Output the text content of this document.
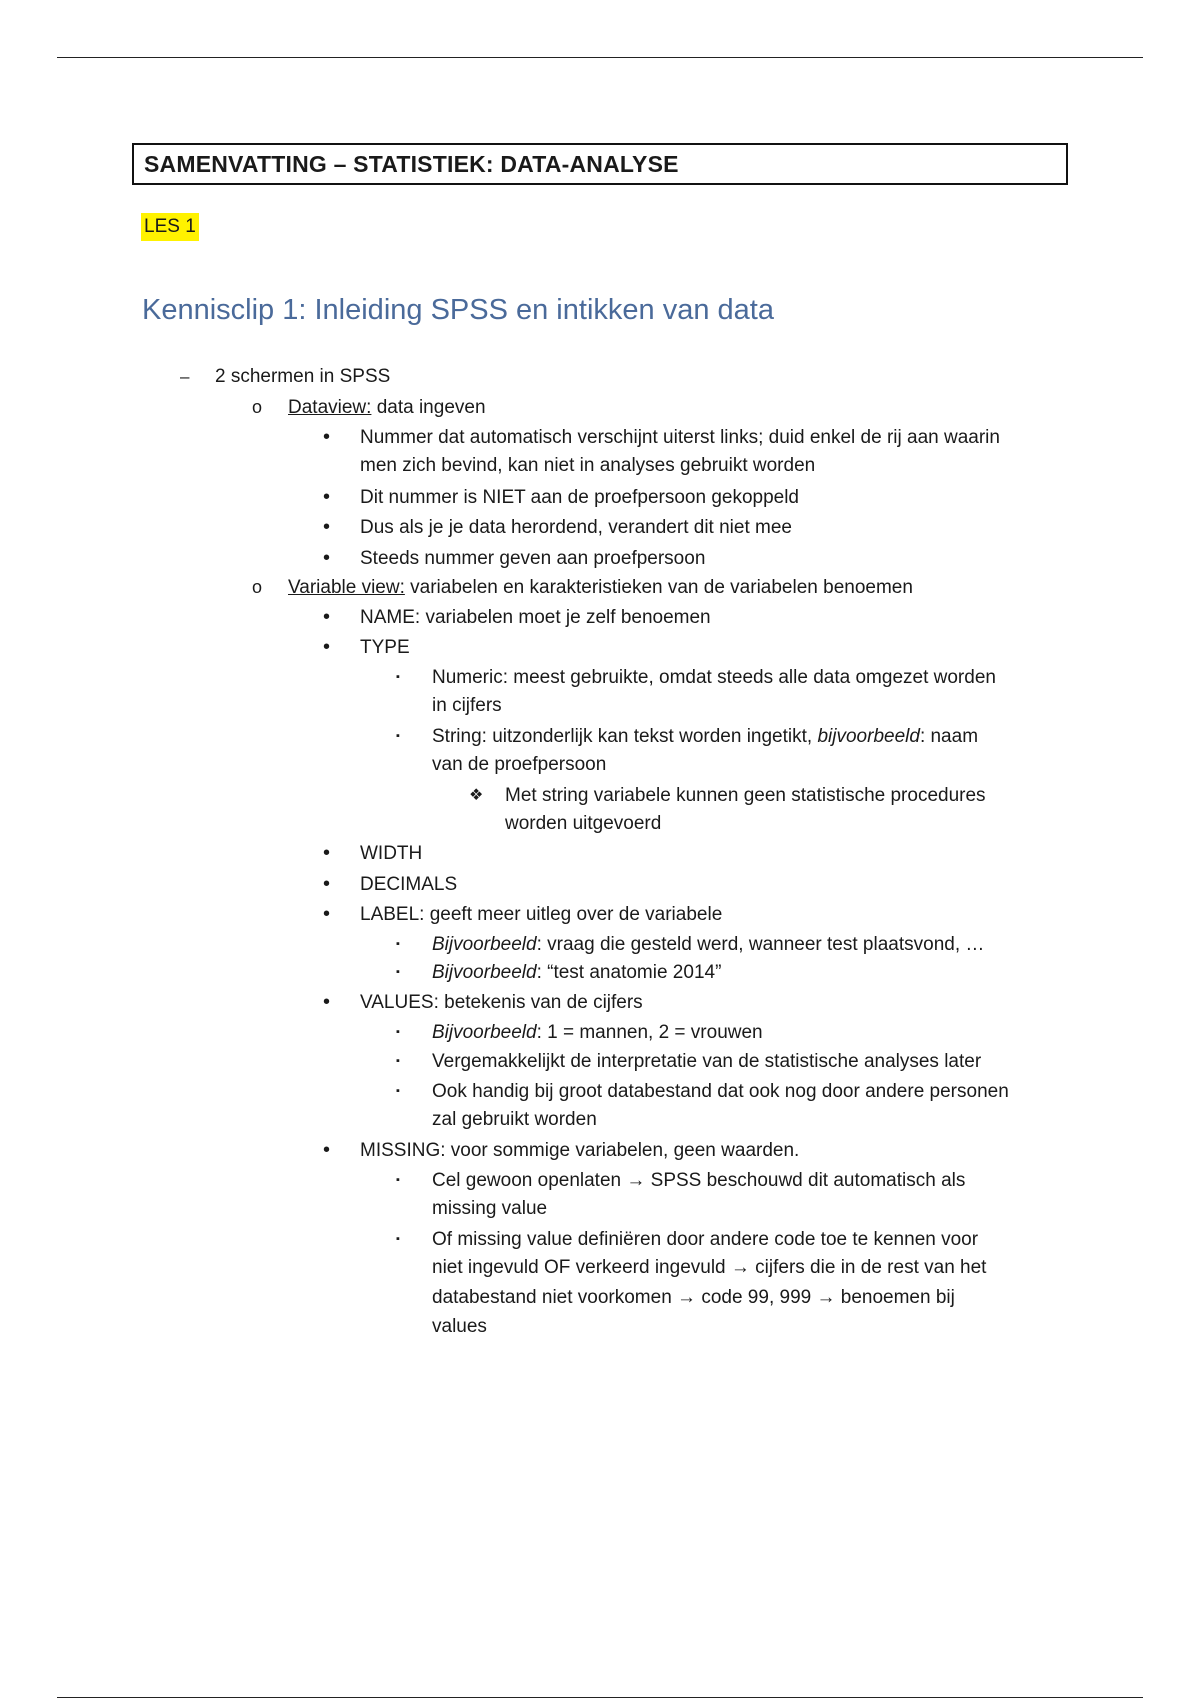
SAMENVATTING – STATISTIEK: DATA-ANALYSE
LES 1
Kennisclip 1: Inleiding SPSS en intikken van data
– 2 schermen in SPSS
o Dataview: data ingeven
• Nummer dat automatisch verschijnt uiterst links; duid enkel de rij aan waarin
men zich bevind, kan niet in analyses gebruikt worden
• Dit nummer is NIET aan de proefpersoon gekoppeld
• Dus als je je data herordend, verandert dit niet mee
• Steeds nummer geven aan proefpersoon
o Variable view: variabelen en karakteristieken van de variabelen benoemen
• NAME: variabelen moet je zelf benoemen
• TYPE
▪ Numeric: meest gebruikte, omdat steeds alle data omgezet worden
in cijfers
▪ String: uitzonderlijk kan tekst worden ingetikt, bijvoorbeeld: naam
van de proefpersoon
❖ Met string variabele kunnen geen statistische procedures
worden uitgevoerd
• WIDTH
• DECIMALS
• LABEL: geeft meer uitleg over de variabele
▪ Bijvoorbeeld: vraag die gesteld werd, wanneer test plaatsvond, …
▪ Bijvoorbeeld: “test anatomie 2014”
• VALUES: betekenis van de cijfers
▪ Bijvoorbeeld: 1 = mannen, 2 = vrouwen
▪ Vergemakkelijkt de interpretatie van de statistische analyses later
▪ Ook handig bij groot databestand dat ook nog door andere personen
zal gebruikt worden
• MISSING: voor sommige variabelen, geen waarden.
▪ Cel gewoon openlaten → SPSS beschouwd dit automatisch als
missing value
▪ Of missing value definiëren door andere code toe te kennen voor
niet ingevuld OF verkeerd ingevuld → cijfers die in de rest van het
databestand niet voorkomen → code 99, 999 → benoemen bij
values
